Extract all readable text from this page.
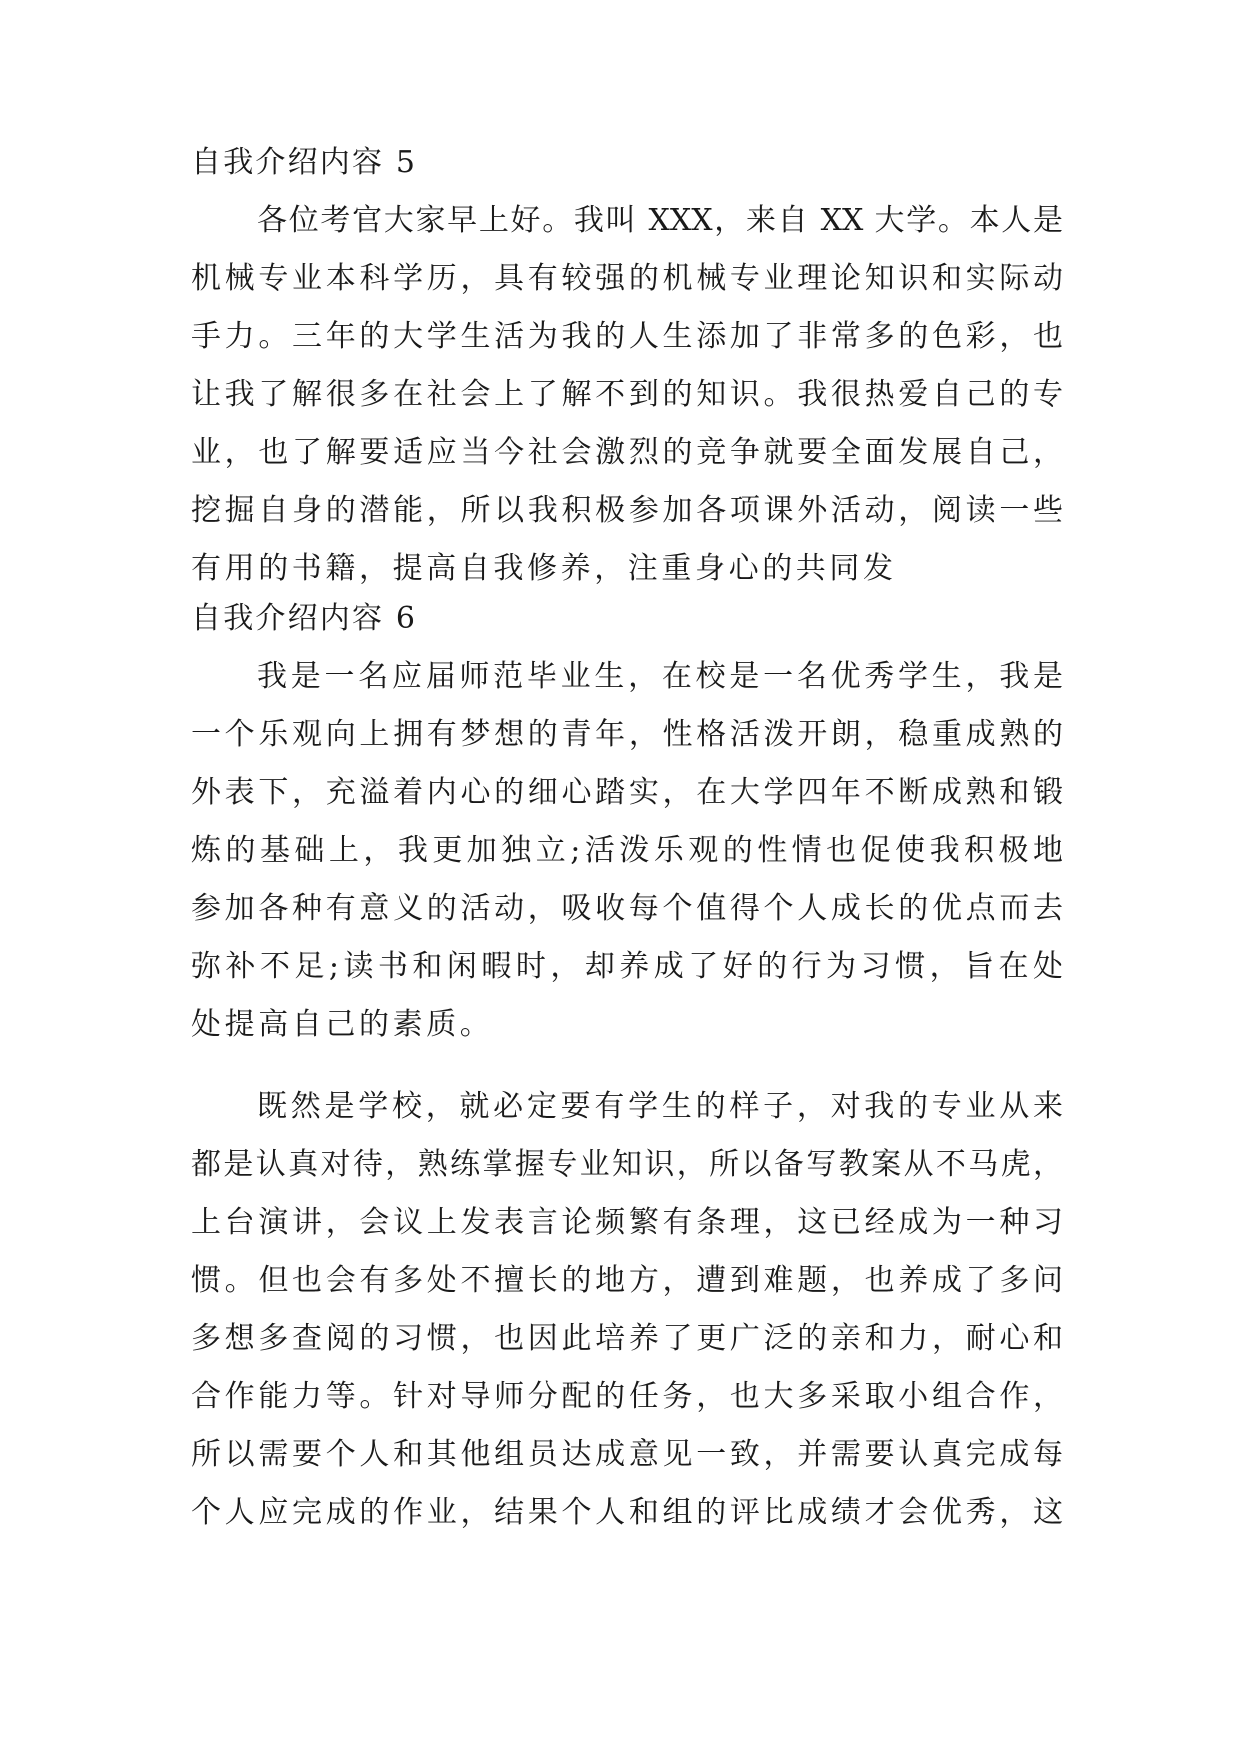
自我介绍内容 5
各位考官大家早上好。我叫 XXX，来自 XX 大学。本人是
机械专业本科学历，具有较强的机械专业理论知识和实际动
手力。三年的大学生活为我的人生添加了非常多的色彩，也
让我了解很多在社会上了解不到的知识。我很热爱自己的专
业，也了解要适应当今社会激烈的竞争就要全面发展自己，
挖掘自身的潜能，所以我积极参加各项课外活动，阅读一些
有用的书籍，提高自我修养，注重身心的共同发
自我介绍内容 6
我是一名应届师范毕业生，在校是一名优秀学生，我是
一个乐观向上拥有梦想的青年，性格活泼开朗，稳重成熟的
外表下，充溢着内心的细心踏实，在大学四年不断成熟和锻
炼的基础上，我更加独立;活泼乐观的性情也促使我积极地
参加各种有意义的活动，吸收每个值得个人成长的优点而去
弥补不足;读书和闲暇时，却养成了好的行为习惯，旨在处
处提高自己的素质。
既然是学校，就必定要有学生的样子，对我的专业从来
都是认真对待，熟练掌握专业知识，所以备写教案从不马虎，
上台演讲，会议上发表言论频繁有条理，这已经成为一种习
惯。但也会有多处不擅长的地方，遭到难题，也养成了多问
多想多查阅的习惯，也因此培养了更广泛的亲和力，耐心和
合作能力等。针对导师分配的任务，也大多采取小组合作，
所以需要个人和其他组员达成意见一致，并需要认真完成每
个人应完成的作业，结果个人和组的评比成绩才会优秀，这
